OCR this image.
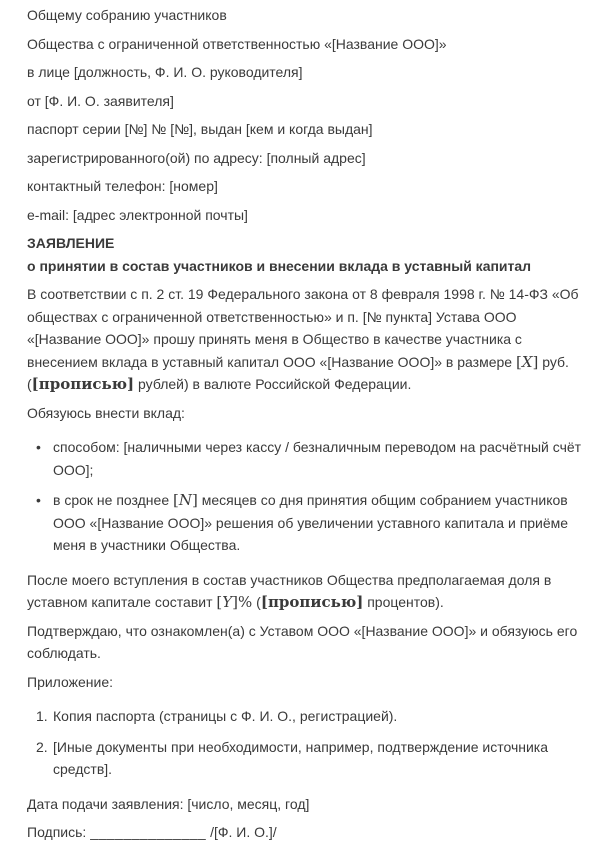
Общему собранию участников

Обществa с ограниченной ответственностью «[Название ООО]»

в лице [должность, Ф. И. О. руководителя]

от [Ф. И. О. заявителя]

паспорт серии [№] № [№], выдан [кем и когда выдан]

зарегистрированного(ой) по адресу: [полный адрес]

контактный телефон: [номер]

e-mail: [адрес электронной почты]

ЗАЯВЛЕНИЕ

о принятии в состав участников и внесении вклада в уставный капитал

В соответствии с п. 2 ст. 19 Федерального закона от 8 февраля 1998 г. № 14-ФЗ «Об обществах с ограниченной ответственностью» и п. [№ пункта] Устава ООО «[Название ООО]» прошу принять меня в Общество в качестве участника с внесением вклада в уставный капитал ООО «[Название ООО]» в размере [X] руб. ([прописью] рублей) в валюте Российской Федерации.

Обязуюсь внести вклад:

• способом: [наличными через кассу / безналичным переводом на расчётный счёт ООО];
• в срок не позднее [N] месяцев со дня принятия общим собранием участников ООО «[Название ООО]» решения об увеличении уставного капитала и приёме меня в участники Общества.

После моего вступления в состав участников Общества предполагаемая доля в уставном капитале составит [Y]% ([прописью] процентов).

Подтверждаю, что ознакомлен(а) с Уставом ООО «[Название ООО]» и обязуюсь его соблюдать.

Приложение:

Копия паспорта (страницы с Ф. И. О., регистрацией).
[Иные документы при необходимости, например, подтверждение источника средств].

Дата подачи заявления: [число, месяц, год]

Подпись: ______________ /[Ф. И. О.]/
